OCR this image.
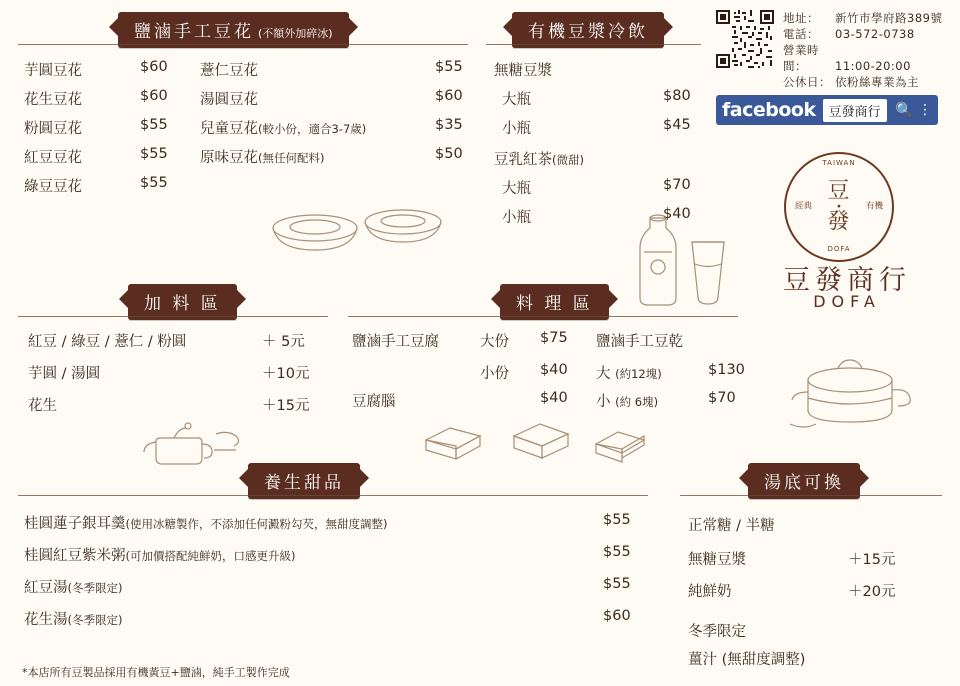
地址： 新竹市學府路389號
電話： 03-572-0738
營業時間： 11:00-20:00
公休日： 依粉絲專業為主
facebook	豆發商行 🔍 ⋮
TAIWAN
經典	有機
豆
•
發
DOFA
豆發商行
DOFA
鹽滷手工豆花 (不額外加碎冰)
芋圓豆花	$60
花生豆花	$60
粉圓豆花	$55
紅豆豆花	$55
綠豆豆花	$55
薏仁豆花	$55
湯圓豆花	$60
兒童豆花(較小份，適合3-7歲)	$35
原味豆花(無任何配料)	$50
有機豆漿冷飲
無糖豆漿
大瓶	$80
小瓶	$45
豆乳紅茶(微甜)
大瓶	$70
小瓶	$40
加 料 區
紅豆 / 綠豆 / 薏仁 / 粉圓	＋ 5元
芋圓 / 湯圓	＋10元
花生	＋15元
料 理 區
鹽滷手工豆腐	大份 $75
小份 $40
豆腐腦	$40
鹽滷手工豆乾
大 (約12塊)	$130
小 (約 6塊)	$70
養生甜品
桂圓蓮子銀耳羹(使用冰糖製作，不添加任何澱粉勾芡，無甜度調整)	$55
桂圓紅豆紫米粥(可加價搭配純鮮奶，口感更升級)	$55
紅豆湯(冬季限定)	$55
花生湯(冬季限定)	$60
湯底可換
正常糖 / 半糖
無糖豆漿	＋15元
純鮮奶	＋20元
冬季限定
薑汁 (無甜度調整)
*本店所有豆製品採用有機黃豆+鹽滷，純手工製作完成
